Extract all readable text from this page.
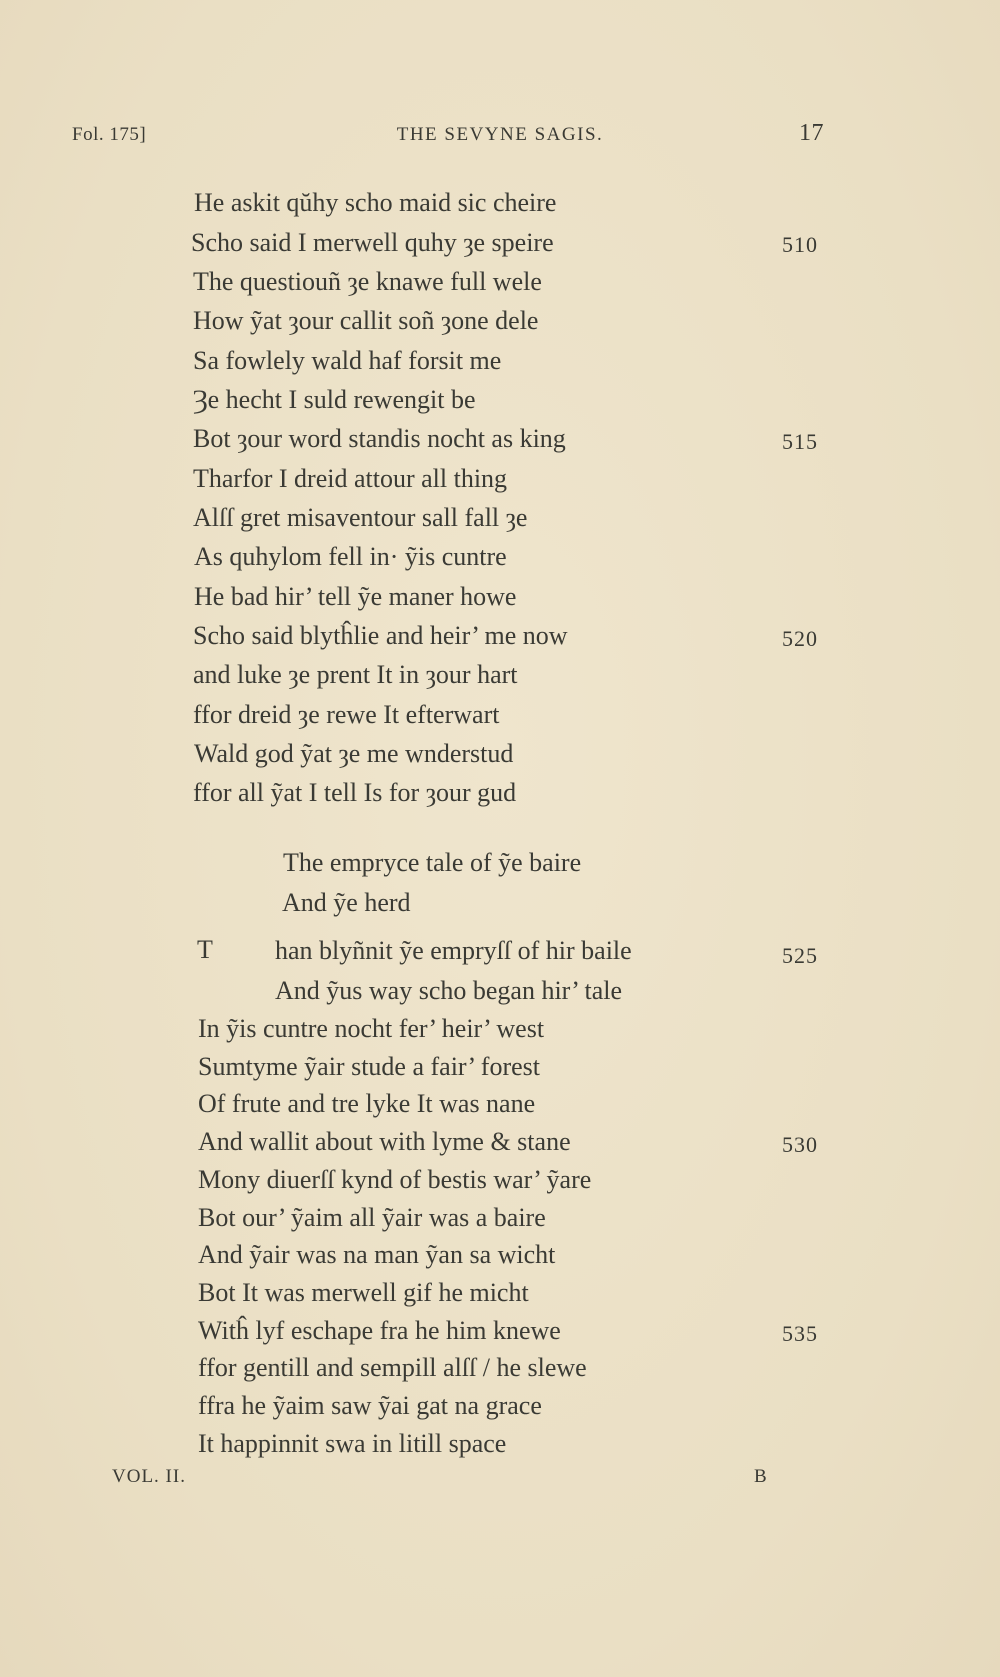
Fol. 175]	THE SEVYNE SAGIS.	17
He askit qŭhy scho maid sic cheire
Scho said I merwell quhy ȝe speire
The questiouñ ȝe knawe full wele
How ỹat ȝour callit soñ ȝone dele
Sa fowlely wald haf forsit me
Ȝe hecht I suld rewengit be
Bot ȝour word standis nocht as king
Tharfor I dreid attour all thing
Alſſ gret misaventour sall fall ȝe
As quhylom fell in· ỹis cuntre
He bad hir’ tell ỹe maner howe
Scho said blytĥlie and heir’ me now
and luke ȝe prent It in ȝour hart
ffor dreid ȝe rewe It efterwart
Wald god ỹat ȝe me wnderstud
ffor all ỹat I tell Is for ȝour gud
The empryce tale of ỹe baire
And ỹe herd
T han blyñnit ỹe empryſſ of hir baile
And ỹus way scho began hir’ tale
In ỹis cuntre nocht fer’ heir’ west
Sumtyme ỹair stude a fair’ forest
Of frute and tre lyke It was nane
And wallit about with lyme & stane
Mony diuerſſ kynd of bestis war’ ỹare
Bot our’ ỹaim all ỹair was a baire
And ỹair was na man ỹan sa wicht
Bot It was merwell gif he micht
Witĥ lyf eschape fra he him knewe
ffor gentill and sempill alſſ / he slewe
ffra he ỹaim saw ỹai gat na grace
It happinnit swa in litill space
510
515
520
525
530
535
VOL. II.	B
